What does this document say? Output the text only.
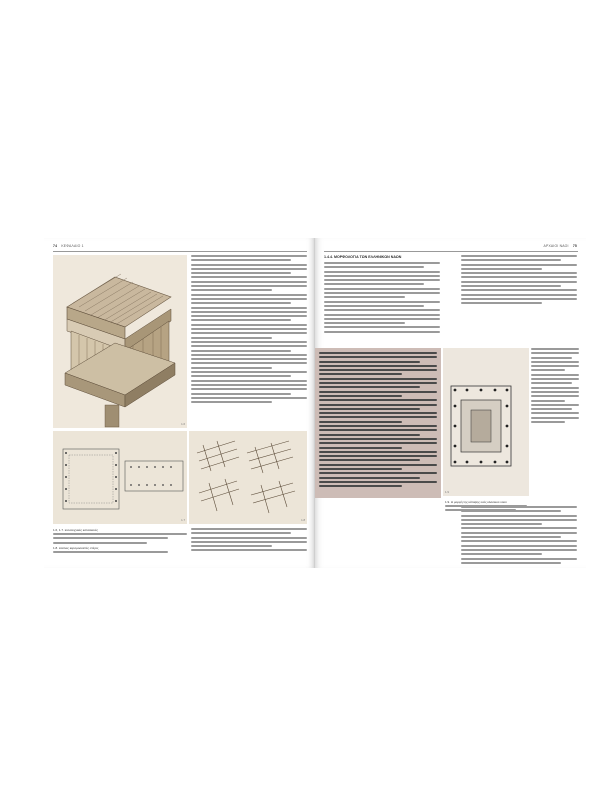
74 ΚΕΦΑΛΑΙΟ 1
1.6
1.7	1.8
1.6, 1.7. Ξυλοτεχνικές κατασκευές
1.8. Ξύλινες κεραμοσκεπές στέγες
ΑΡΧΑΙΟΙ ΝΑΟΙ 75
1.4.4. ΜΟΡΦΟΛΟΓΙΑ ΤΩΝ ΕΛΛΗΝΙΚΩΝ ΝΑΩΝ
1.9
1.9. Η μορφή της κάτοψης ενός κλασικού ναού
